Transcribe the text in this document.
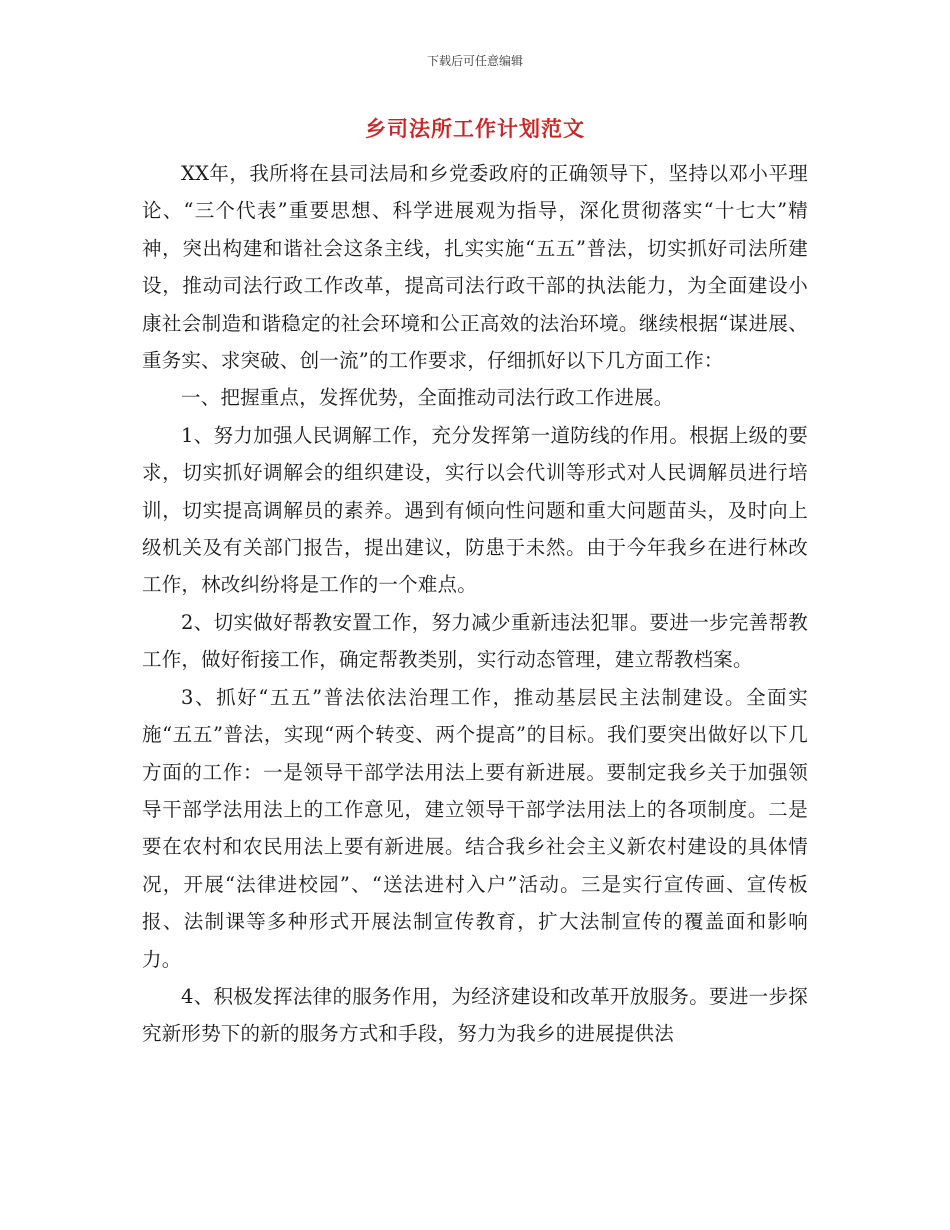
下载后可任意编辑
乡司法所工作计划范文

XX年，我所将在县司法局和乡党委政府的正确领导下，坚持以邓小平理论、“三个代表”重要思想、科学进展观为指导，深化贯彻落实“十七大”精神，突出构建和谐社会这条主线，扎实实施“五五”普法，切实抓好司法所建设，推动司法行政工作改革，提高司法行政干部的执法能力，为全面建设小康社会制造和谐稳定的社会环境和公正高效的法治环境。继续根据“谋进展、重务实、求突破、创一流”的工作要求，仔细抓好以下几方面工作：

一、把握重点，发挥优势，全面推动司法行政工作进展。

1、努力加强人民调解工作，充分发挥第一道防线的作用。根据上级的要求，切实抓好调解会的组织建设，实行以会代训等形式对人民调解员进行培训，切实提高调解员的素养。遇到有倾向性问题和重大问题苗头，及时向上级机关及有关部门报告，提出建议，防患于未然。由于今年我乡在进行林改工作，林改纠纷将是工作的一个难点。

2、切实做好帮教安置工作，努力减少重新违法犯罪。要进一步完善帮教工作，做好衔接工作，确定帮教类别，实行动态管理，建立帮教档案。

3、抓好“五五”普法依法治理工作，推动基层民主法制建设。全面实施“五五”普法，实现“两个转变、两个提高”的目标。我们要突出做好以下几方面的工作：一是领导干部学法用法上要有新进展。要制定我乡关于加强领导干部学法用法上的工作意见，建立领导干部学法用法上的各项制度。二是要在农村和农民用法上要有新进展。结合我乡社会主义新农村建设的具体情况，开展“法律进校园”、“送法进村入户”活动。三是实行宣传画、宣传板报、法制课等多种形式开展法制宣传教育，扩大法制宣传的覆盖面和影响力。

4、积极发挥法律的服务作用，为经济建设和改革开放服务。要进一步探究新形势下的新的服务方式和手段，努力为我乡的进展提供法
